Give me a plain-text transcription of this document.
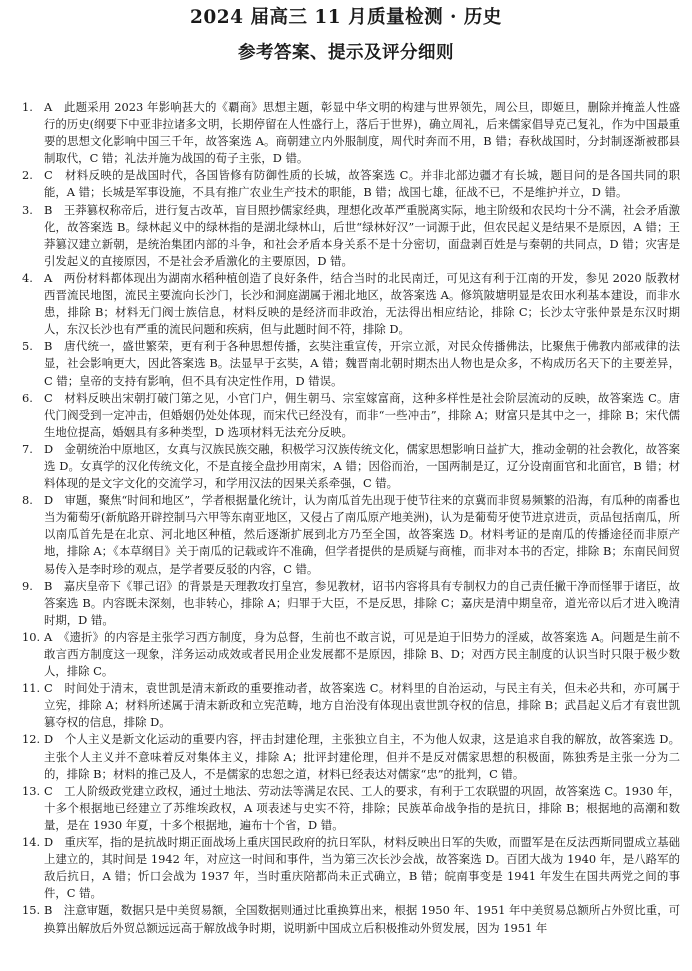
2024 届高三 11 月质量检测 · 历史
参考答案、提示及评分细则

1. A　此题采用 2023 年影响甚大的《覇商》思想主题，彰显中华文明的构建与世界领先，周公旦，即姬旦，删除并掩盖人性盛行的历史(纲要下中亚非拉诸多文明，长期停留在人性盛行上，落后于世界)，确立周礼，后来儒家倡导克己复礼，作为中国最重要的思想文化影响中国三千年，故答案选 A。商朝建立内外服制度，周代时奔而不用，B 错；春秋战国时，分封制逐渐被郡县制取代，C 错；礼法并施为战国的荀子主张，D 错。

2. C　材料反映的是战国时代，各国皆修有防御性质的长城，故答案选 C。并非北部边疆才有长城，题目问的是各国共同的职能，A 错；长城是军事设施，不具有推广农业生产技术的职能，B 错；战国七雄，征战不已，不是维护并立，D 错。

3. B　王莽篡权称帝后，进行复古改革，盲目照抄儒家经典，理想化改革严重脱离实际，地主阶级和农民均十分不满，社会矛盾激化，故答案选 B。绿林起义中的绿林指的是湖北绿林山，后世“绿林好汉”一词源于此，但农民起义是结果不是原因，A 错；王莽篡汉建立新朝，是统治集团内部的斗争，和社会矛盾本身关系不是十分密切，面盘剥百姓是与秦朝的共同点，D 错；灾害是引发起义的直接原因，不是社会矛盾激化的主要原因，D 错。

4. A　两份材料都体现出为湖南水稻种植创造了良好条件，结合当时的北民南迁，可见这有利于江南的开发，参见 2020 版教材西晋流民地图，流民主要流向长沙门，长沙和洞庭湖属于湘北地区，故答案选 A。修筑陂塘明显是农田水利基本建设，而非水患，排除 B；材料无门阀士族信息，材料反映的是经济而非政治，无法得出相应结论，排除 C；长沙太守张仲景是东汉时期人，东汉长沙也有严重的流民问题和疾病，但与此题时间不符，排除 D。

5. B　唐代统一，盛世繁荣，更有利于各种思想传播，玄奘注重宣传，开宗立派，对民众传播佛法，比聚焦于佛教内部戒律的法显，社会影响更大，因此答案选 B。法显早于玄奘，A 错；魏晋南北朝时期杰出人物也是众多，不构成历名天下的主要差异，C 错；皇帝的支持有影响，但不具有决定性作用，D 错误。

6. C　材料反映出宋朝打破门第之见，小官门户，佣生朝马、宗室嫁富商，这种多样性是社会阶层流动的反映，故答案选 C。唐代门阀受到一定冲击，但婚姻仍处处体现，而宋代已经没有，而非“一些冲击”，排除 A；财富只是其中之一，排除 B；宋代儒生地位提高，婚姻具有多种类型，D 选项材料无法充分反映。

7. D　金朝统治中原地区，女真与汉族民族交融，积极学习汉族传统文化，儒家思想影响日益扩大，推动金朝的社会教化，故答案选 D。女真学的汉化传统文化，不是直接全盘抄用南宋，A 错；因俗而治，一国两制是辽，辽分设南面官和北面官，B 错；材料体现的是文字文化的交流学习，和学用汉法的因果关系牵强，C 错。

8. D　审题，聚焦“时间和地区”，学者根据量化统计，认为南瓜首先出现于使节往来的京冀而非贸易频繁的沿海，有瓜种的南番也当为葡萄牙(新航路开辟控制马六甲等东南亚地区，又侵占了南瓜原产地美洲)，认为是葡萄牙使节进京进贡，贡品包括南瓜，所以南瓜首先是在北京、河北地区种植，然后逐渐扩展到北方乃至全国，故答案选 D。材料考证的是南瓜的传播途径而非原产地，排除 A；《本草纲目》关于南瓜的记载或许不准确，但学者提供的是质疑与商榷，而非对本书的否定，排除 B；东南民间贸易传入是李时珍的观点，是学者要反驳的内容，C 错。

9. B　嘉庆皇帝下《罪己诏》的背景是天理教攻打皇宫，参见教材，诏书内容将具有专制权力的自己责任撇干净而怪罪于诸臣，故答案选 B。内容既未深刻，也非转心，排除 A；归罪于大臣，不是反思，排除 C；嘉庆是清中期皇帝，道光帝以后才进入晚清时期，D 错。

10. A　《遗折》的内容是主张学习西方制度，身为总督，生前也不敢言说，可见是迫于旧势力的淫威，故答案选 A。问题是生前不敢言西方制度这一现象，洋务运动成效或者民用企业发展都不是原因，排除 B、D；对西方民主制度的认识当时只限于极少数人，排除 C。

11. C　时间处于清末，袁世凯是清末新政的重要推动者，故答案选 C。材料里的自治运动，与民主有关，但未必共和，亦可属于立宪，排除 A；材料所述属于清末新政和立宪范畴，地方自治没有体现出袁世凯夺权的信息，排除 B；武昌起义后才有袁世凯篡夺权的信息，排除 D。

12. D　个人主义是新文化运动的重要内容，抨击封建伦理，主张独立自主，不为他人奴隶，这是追求自我的解放，故答案选 D。主张个人主义并不意味着反对集体主义，排除 A；批评封建伦理，但并不是反对儒家思想的积极面，陈独秀是主张一分为二的，排除 B；材料的推己及人，不是儒家的忠恕之道，材料已经表达对儒家“忠”的批判，C 错。

13. C　工人阶级政党建立政权，通过土地法、劳动法等满足农民、工人的要求，有利于工农联盟的巩固，故答案选 C。1930 年，十多个根据地已经建立了苏维埃政权，A 项表述与史实不符，排除；民族革命战争指的是抗日，排除 B；根据地的高潮和数量，是在 1930 年夏，十多个根据地，遍布十个省，D 错。

14. D　重庆军，指的是抗战时期正面战场上重庆国民政府的抗日军队，材料反映出日军的失败，而盟军是在反法西斯同盟成立基础上建立的，其时间是 1942 年，对应这一时间和事件，当为第三次长沙会战，故答案选 D。百团大战为 1940 年，是八路军的敌后抗日，A 错；忻口会战为 1937 年，当时重庆陪都尚未正式确立，B 错；皖南事变是 1941 年发生在国共两党之间的事件，C 错。

15. B　注意审题，数据只是中美贸易额，全国数据则通过比重换算出来，根据 1950 年、1951 年中美贸易总额所占外贸比重，可换算出解放后外贸总额远远高于解放战争时期，说明新中国成立后积极推动外贸发展，因为 1951 年
